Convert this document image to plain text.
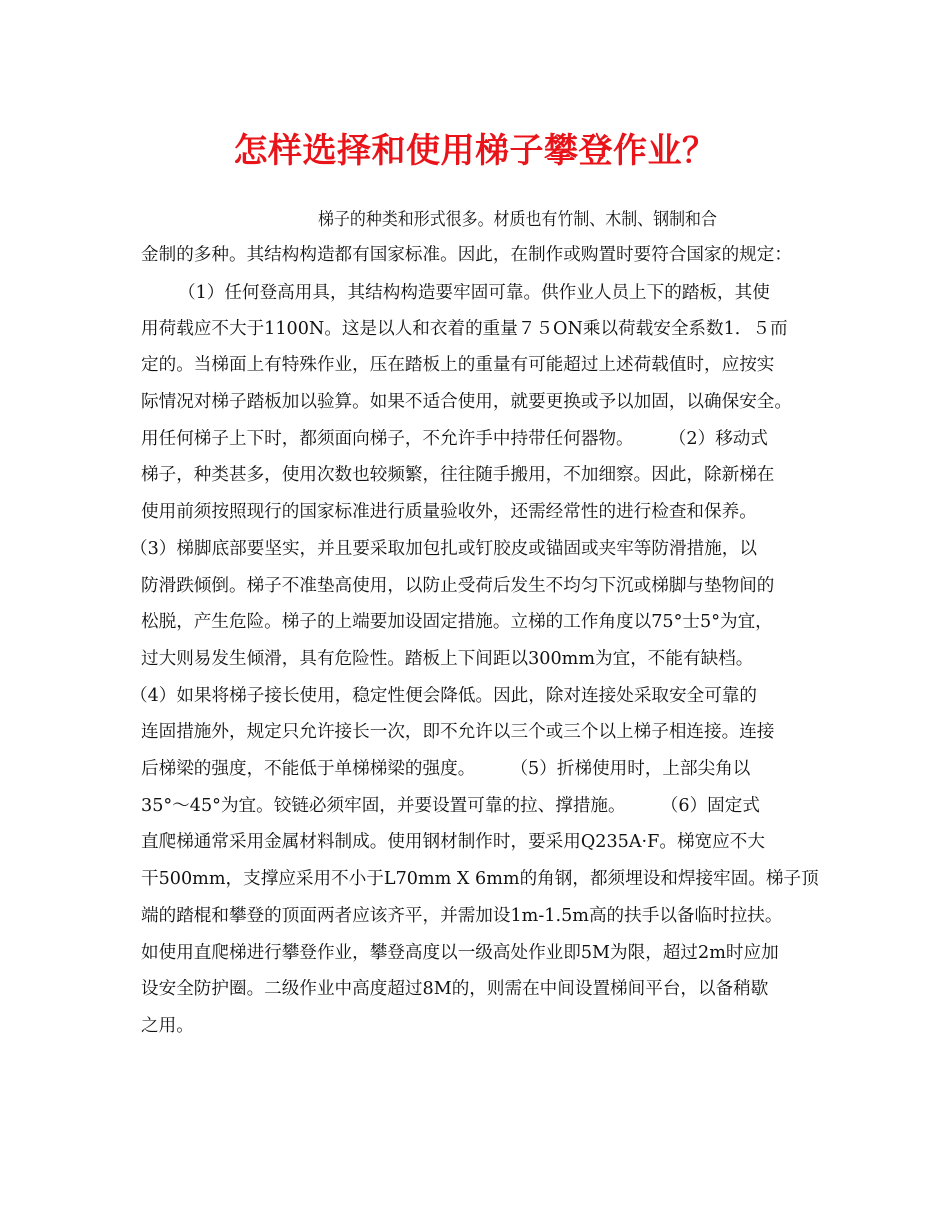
怎样选择和使用梯子攀登作业？

梯子的种类和形式很多。材质也有竹制、木制、钢制和合

金制的多种。其结构构造都有国家标准。因此，在制作或购置时要符合国家的规定：

（1）任何登高用具，其结构构造要牢固可靠。供作业人员上下的踏板，其使

用荷载应不大于1100N。这是以人和衣着的重量７５ON乘以荷载安全系数1．５而

定的。当梯面上有特殊作业，压在踏板上的重量有可能超过上述荷载值时，应按实

际情况对梯子踏板加以验算。如果不适合使用，就要更换或予以加固，以确保安全。

用任何梯子上下时，都须面向梯子，不允许手中持带任何器物。　　　（2）移动式

梯子，种类甚多，使用次数也较频繁，往往随手搬用，不加细察。因此，除新梯在

使用前须按照现行的国家标准进行质量验收外，还需经常性的进行检查和保养。

（3）梯脚底部要坚实，并且要采取加包扎或钉胶皮或锚固或夹牢等防滑措施，以

防滑跌倾倒。梯子不准垫高使用，以防止受荷后发生不均匀下沉或梯脚与垫物间的

松脱，产生危险。梯子的上端要加设固定措施。立梯的工作角度以75°士5°为宜，

过大则易发生倾滑，具有危险性。踏板上下间距以300mm为宜，不能有缺档。

（4）如果将梯子接长使用，稳定性便会降低。因此，除对连接处采取安全可靠的

连固措施外，规定只允许接长一次，即不允许以三个或三个以上梯子相连接。连接

后梯梁的强度，不能低于单梯梯梁的强度。　　　（5）折梯使用时，上部尖角以

35°～45°为宜。铰链必须牢固，并要设置可靠的拉、撑措施。　　　（6）固定式

直爬梯通常采用金属材料制成。使用钢材制作时，要采用Q235A·F。梯宽应不大

干500mm，支撑应采用不小于L70mm X 6mm的角钢，都须埋设和焊接牢固。梯子顶

端的踏棍和攀登的顶面两者应该齐平，并需加设1m-1.5m高的扶手以备临时拉扶。

如使用直爬梯进行攀登作业，攀登高度以一级高处作业即5M为限，超过2m时应加

设安全防护圈。二级作业中高度超过8M的，则需在中间设置梯间平台，以备稍歇

之用。
